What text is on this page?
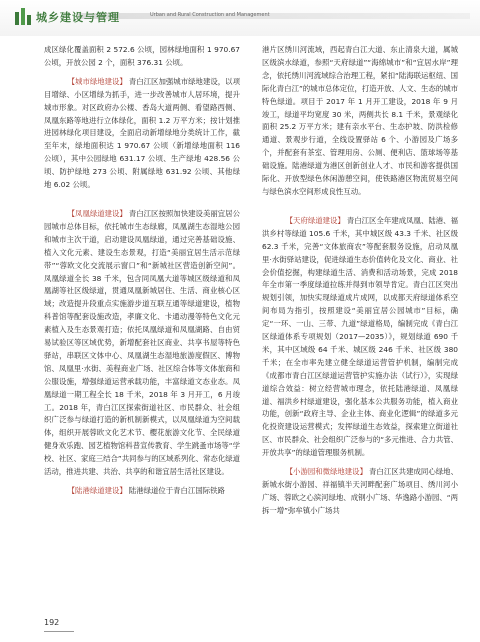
城乡建设与管理	Urban and Rural Construction and Management

成区绿化覆盖面积 2 572.6 公顷，园林绿地面积 1 970.67 公顷，开放公园 2 个，面积 376.31 公顷。

【城市绿地建设】 青白江区加强城市绿地建设，以项目增绿、小区增绿为抓手，进一步改善城市人居环境，提升城市形象。对区政府办公楼、香岛大道两侧、看望路西侧、凤凰东路等地进行立体绿化，面积 1.2 万平方米；按计划推进园林绿化项目建设，全面启动新增绿地分类统计工作，截至年末，绿地面积达 1 970.67 公顷（新增绿地面积 116 公顷），其中公园绿地 631.17 公顷、生产绿地 428.56 公顷、防护绿地 273 公顷、附属绿地 631.92 公顷、其他绿地 6.02 公顷。

【凤凰绿道建设】 青白江区按照加快建设美丽宜居公园城市总体目标，依托城市生态绿廊，凤凰湖生态湿地公园和城市主次干道，启动建设凤凰绿道，通过完善基础设施、植入文化元素、建设生态景观，打造“美丽宜居生活示范绿带”“蓉欧文化交流展示窗口”和“新城社区营造创新空间”。凤凰绿道全长 38 千米，包含同凤凰大道等城区级绿道和凤凰湖等社区级绿道，贯通凤凰新城居住、生活、商业核心区域；改造提升段重点实施游步道互联互通等绿道建设，植物科普馆等配套设施改造，孝廉文化、卡通动漫等特色文化元素植入及生态景观打造；依托凤凰绿道和凤凰湖路、自由贸易试验区等区域优势，新增配套社区商业、共享书屋等特色驿站，串联区文体中心、凤凰湖生态湿地旅游度假区、博物馆、凤凰里·水街、美程商业广场、社区综合体等文体旅商和公服设施，增强绿道运营承载功能，丰富绿道文态业态。凤凰绿道一期工程全长 18 千米，2018 年 3 月开工，6 月竣工。2018 年，青白江区探索街道社区、市民群众、社会组织广泛参与绿道打造的新机制新模式，以凤凰绿道为空间载体，组织开展蓉欧文化艺术节、樱花旅游文化节、全民绿道健身欢乐跑、园艺植物馆科普宣传教育、学生跳蚤市场等“学校、社区、家庭三结合”共同参与的区域系列化、常态化绿道活动，推进共建、共治、共享的和谐宜居生活社区建设。

【陆港绿道建设】 陆港绿道位于青白江国际铁路

港片区绣川河流域，西起青白江大道、东止清泉大道，属城区级滨水绿道，参照“天府绿道”“海绵城市”和“宜居水岸”理念，依托绣川河流域综合治理工程，紧扣“陆海联运枢纽、国际化青白江”的城市总体定位，打造开放、人文、生态的城市特色绿道。项目于 2017 年 1 月开工建设，2018 年 9 月竣工，绿道平均宽度 30 米，两侧共长 8.1 千米，景观绿化面积 25.2 万平方米；建有亲水平台、生态护坡、防洪检修通道、景观步行道，全线设置驿站 6 个、小游园及广场多个，并配套有茶室、管理用房、公厕、便利店、篮球场等基础设施。陆港绿道为港区创新创业人才、市民和游客提供国际化、开放型绿色休闲游憩空间，使铁路港区物流贸易空间与绿色滨水空间形成良性互动。

【天府绿道建设】 青白江区全年建成凤凰、陆港、福洪乡村等绿道 105.6 千米，其中城区级 43.3 千米、社区级 62.3 千米，完善“文体旅商农”等配套服务设施，启动凤凰里·水街驿站建设，促进绿道生态价值转化及文化、商业、社会价值挖掘，构建绿道生活、消费和活动场景，完成 2018 年全市第一季度绿道拉练并得到市领导肯定。青白江区突出规划引领，加快实现绿道成片成网，以成都天府绿道体系空间布局为指引，按照建设“美丽宜居公园城市”目标，确定“一环、一山、三带、九道”绿道格局，编制完成《青白江区绿道体系专项规划（2017—2035）》，规划绿道 690 千米，其中区域级 64 千米、城区级 246 千米、社区级 380 千米；在全市率先建立健全绿道运营管护机制，编制完成《成都市青白江区绿道运营管护实施办法（试行）》，实现绿道综合效益：树立经营城市理念，依托陆港绿道、凤凰绿道、福洪乡村绿道建设，强化基本公共服务功能，植入商业功能，创新“政府主导、企业主体、商业化逻辑”的绿道多元化投资建设运营模式；发挥绿道生态效益，探索建立街道社区、市民群众、社会组织广泛参与的“多元推进、合力共管、开放共享”的绿道管理服务机制。

【小游园和微绿地建设】 青白江区共建成同心绿地、新城水街小游园、祥福镇半天河畔配套广场项目、绣川河小广场、蓉欧之心滨河绿地、成钢小广场、华逸路小游园、“两拆一增”弥牟镇小广场共

192
